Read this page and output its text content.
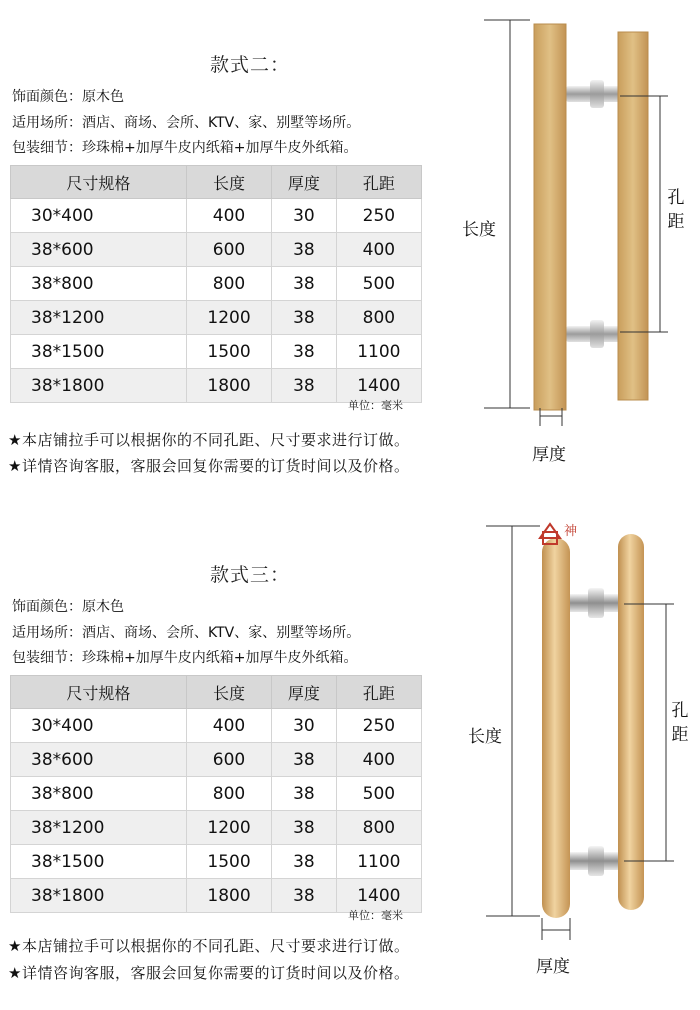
款式二：
饰面颜色：原木色
适用场所：酒店、商场、会所、KTV、家、别墅等场所。
包装细节：珍珠棉+加厚牛皮内纸箱+加厚牛皮外纸箱。
尺寸规格	长度	厚度	孔距
30*400	400	30	250
38*600	600	38	400
38*800	800	38	500
38*1200	1200	38	800
38*1500	1500	38	1100
38*1800	1800	38	1400
单位：毫米
★本店铺拉手可以根据你的不同孔距、尺寸要求进行订做。
★详情咨询客服，客服会回复你需要的订货时间以及价格。
长度
孔距
厚度
款式三：
饰面颜色：原木色
适用场所：酒店、商场、会所、KTV、家、别墅等场所。
包装细节：珍珠棉+加厚牛皮内纸箱+加厚牛皮外纸箱。
尺寸规格	长度	厚度	孔距
30*400	400	30	250
38*600	600	38	400
38*800	800	38	500
38*1200	1200	38	800
38*1500	1500	38	1100
38*1800	1800	38	1400
单位：毫米
★本店铺拉手可以根据你的不同孔距、尺寸要求进行订做。
★详情咨询客服，客服会回复你需要的订货时间以及价格。
神
长度
孔距
厚度
